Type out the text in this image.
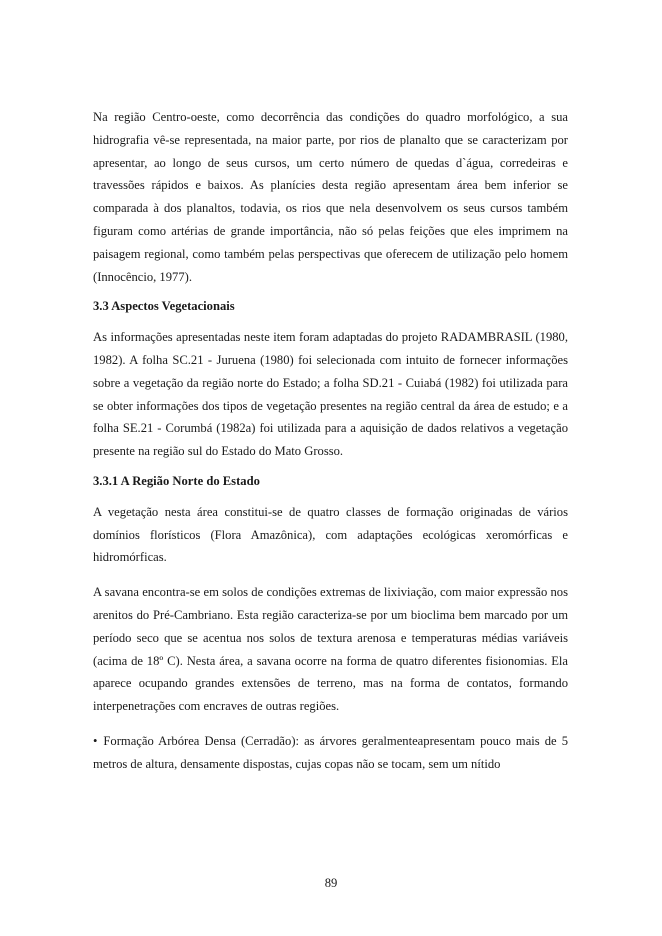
Na região Centro-oeste, como decorrência das condições do quadro morfológico, a sua hidrografia vê-se representada, na maior parte, por rios de planalto que se caracterizam por apresentar, ao longo de seus cursos, um certo número de quedas d`água, corredeiras e travessões rápidos e baixos. As planícies desta região apresentam área bem inferior se comparada à dos planaltos, todavia, os rios que nela desenvolvem os seus cursos também figuram como artérias de grande importância, não só pelas feições que eles imprimem na paisagem regional, como também pelas perspectivas que oferecem de utilização pelo homem (Innocêncio, 1977).

3.3 Aspectos Vegetacionais

As informações apresentadas neste item foram adaptadas do projeto RADAMBRASIL (1980, 1982). A folha SC.21 - Juruena (1980) foi selecionada com intuito de fornecer informações sobre a vegetação da região norte do Estado; a folha SD.21 - Cuiabá (1982) foi utilizada para se obter informações dos tipos de vegetação presentes na região central da área de estudo; e a folha SE.21 - Corumbá (1982a) foi utilizada para a aquisição de dados relativos a vegetação presente na região sul do Estado do Mato Grosso.

3.3.1 A Região Norte do Estado

A vegetação nesta área constitui-se de quatro classes de formação originadas de vários domínios florísticos (Flora Amazônica), com adaptações ecológicas xeromórficas e hidromórficas.

A savana encontra-se em solos de condições extremas de lixiviação, com maior expressão nos arenitos do Pré-Cambriano. Esta região caracteriza-se por um bioclima bem marcado por um período seco que se acentua nos solos de textura arenosa e temperaturas médias variáveis (acima de 18º C). Nesta área, a savana ocorre na forma de quatro diferentes fisionomias. Ela aparece ocupando grandes extensões de terreno, mas na forma de contatos, formando interpenetrações com encraves de outras regiões.

• Formação Arbórea Densa (Cerradão): as árvores geralmenteapresentam pouco mais de 5 metros de altura, densamente dispostas, cujas copas não se tocam, sem um nítido

89
